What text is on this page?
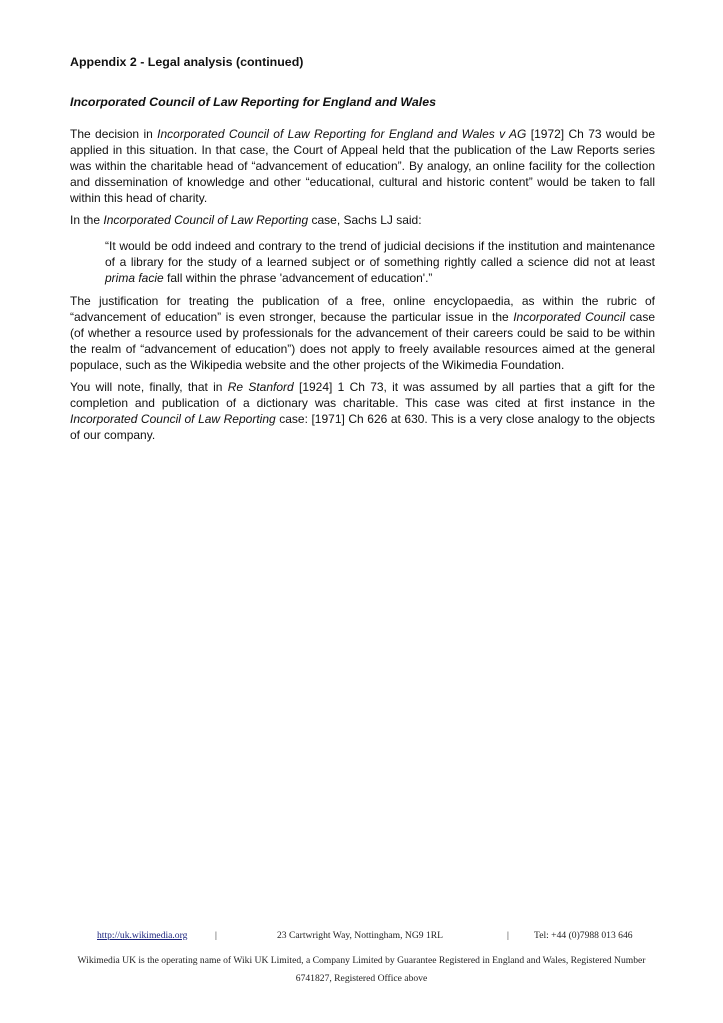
Appendix 2 - Legal analysis (continued)
Incorporated Council of Law Reporting for England and Wales

The decision in Incorporated Council of Law Reporting for England and Wales v AG [1972] Ch 73 would be applied in this situation. In that case, the Court of Appeal held that the publication of the Law Reports series was within the charitable head of “advancement of education”. By analogy, an online facility for the collection and dissemination of knowledge and other “educational, cultural and historic content” would be taken to fall within this head of charity.

In the Incorporated Council of Law Reporting case, Sachs LJ said:

“It would be odd indeed and contrary to the trend of judicial decisions if the institution and maintenance of a library for the study of a learned subject or of something rightly called a science did not at least prima facie fall within the phrase 'advancement of education'.”

The justification for treating the publication of a free, online encyclopaedia, as within the rubric of “advancement of education” is even stronger, because the particular issue in the Incorporated Council case (of whether a resource used by professionals for the advancement of their careers could be said to be within the realm of “advancement of education”) does not apply to freely available resources aimed at the general populace, such as the Wikipedia website and the other projects of the Wikimedia Foundation.

You will note, finally, that in Re Stanford [1924] 1 Ch 73, it was assumed by all parties that a gift for the completion and publication of a dictionary was charitable. This case was cited at first instance in the Incorporated Council of Law Reporting case: [1971] Ch 626 at 630. This is a very close analogy to the objects of our company.

http://uk.wikimedia.org	|	23 Cartwright Way, Nottingham, NG9 1RL	|	Tel: +44 (0)7988 013 646
Wikimedia UK is the operating name of Wiki UK Limited, a Company Limited by Guarantee Registered in England and Wales, Registered Number
6741827, Registered Office above
